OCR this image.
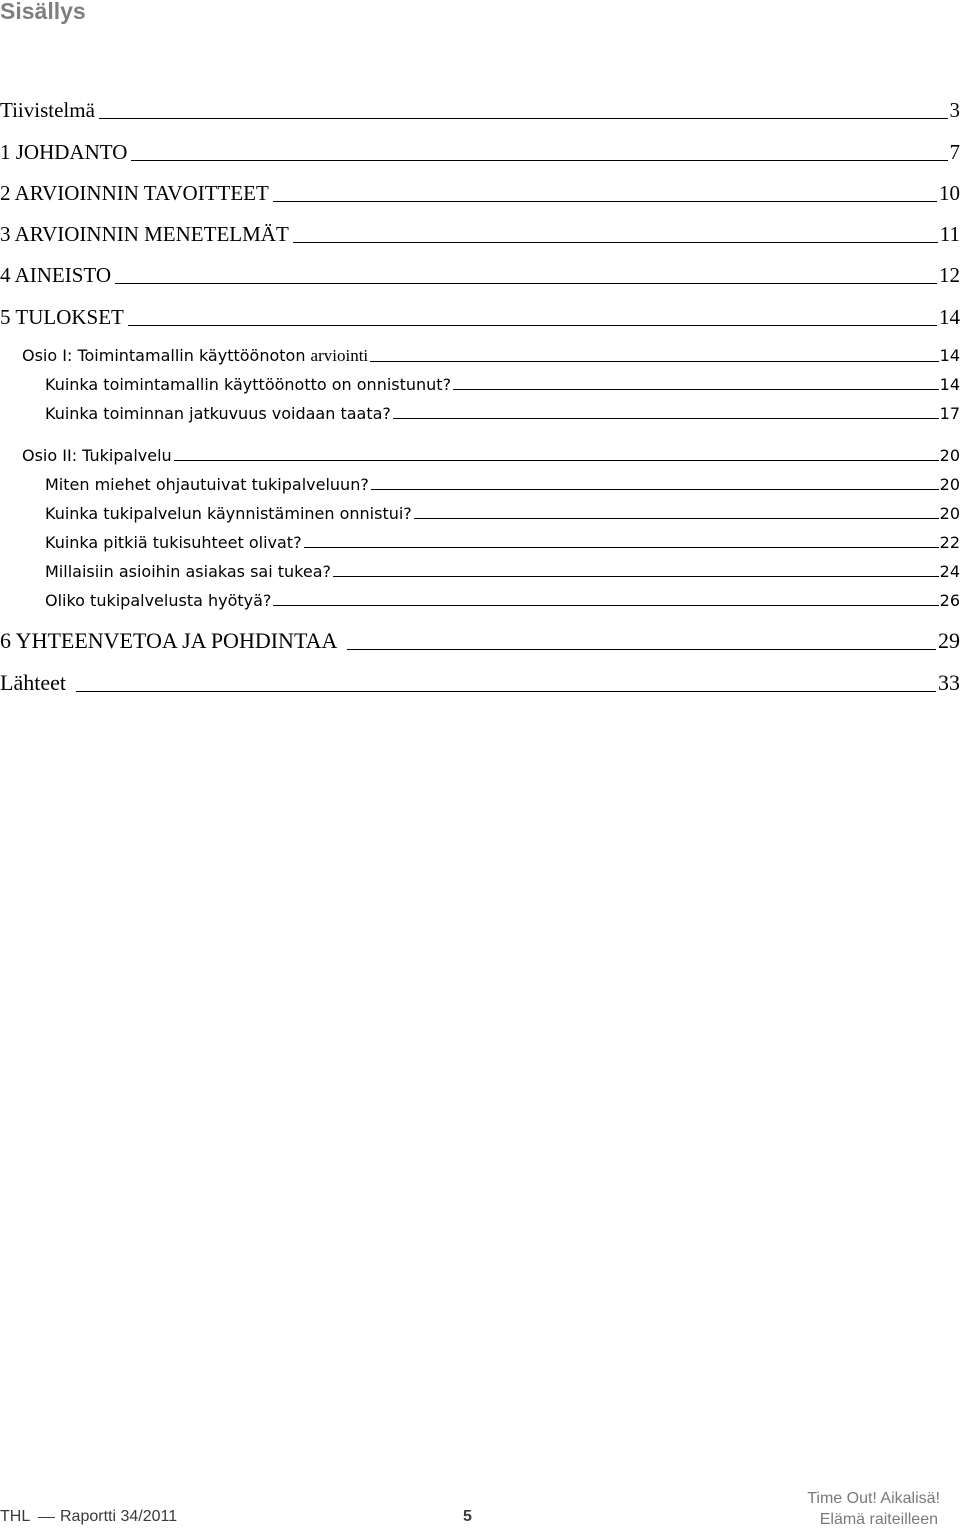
Sisällys
Tiivistelmä	3
1 JOHDANTO	7
2 ARVIOINNIN TAVOITTEET	10
3 ARVIOINNIN MENETELMÄT	11
4 AINEISTO	12
5 TULOKSET	14
Osio I: Toimintamallin käyttöönoton arviointi	14
Kuinka toimintamallin käyttöönotto on onnistunut?	14
Kuinka toiminnan jatkuvuus voidaan taata?	17
Osio II: Tukipalvelu	20
Miten miehet ohjautuivat tukipalveluun?	20
Kuinka tukipalvelun käynnistäminen onnistui?	20
Kuinka pitkiä tukisuhteet olivat?	22
Millaisiin asioihin asiakas sai tukea?	24
Oliko tukipalvelusta hyötyä?	26
6 YHTEENVETOA JA POHDINTAA	29
Lähteet	33
THL Raportti 34/2011	5
Time Out! Aikalisä!
Elämä raiteilleen
